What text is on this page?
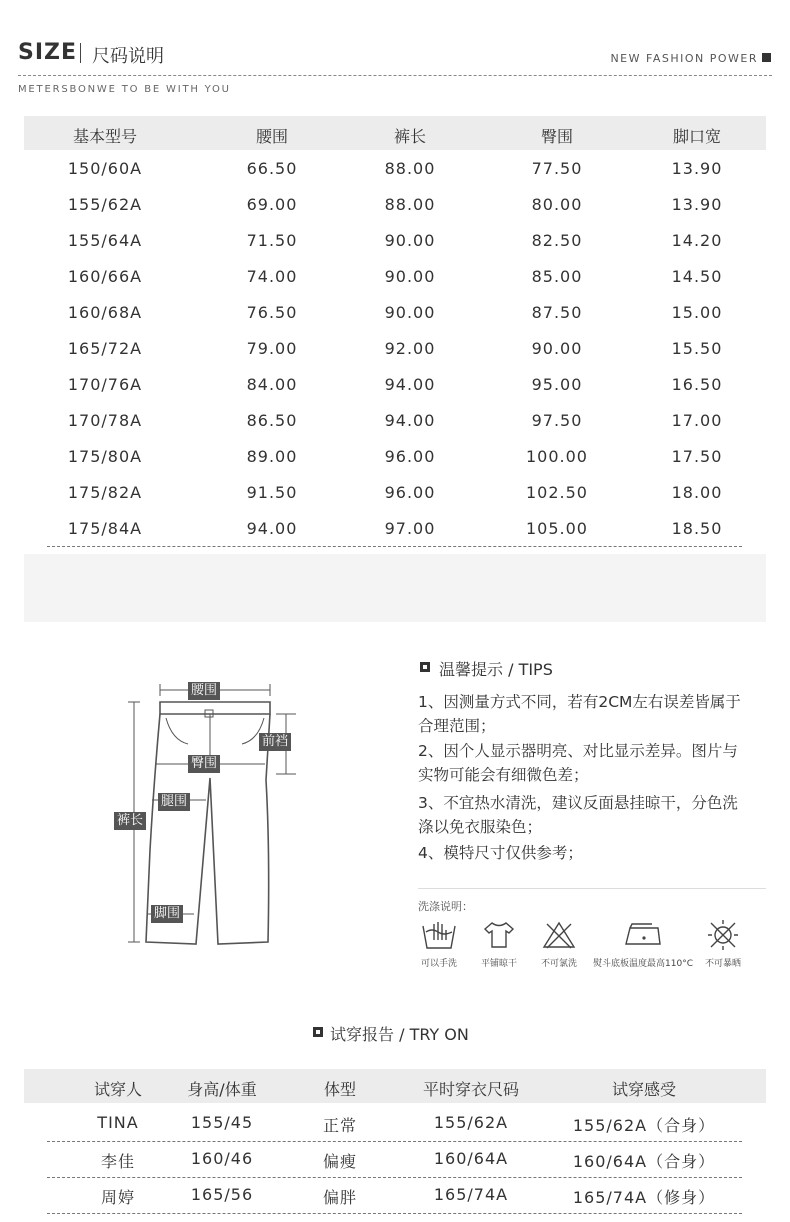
SIZE 尺码说明	NEW FASHION POWER
METERSBONWE TO BE WITH YOU
基本型号	腰围	裤长	臀围	脚口宽
150/60A	66.50	88.00	77.50	13.90
155/62A	69.00	88.00	80.00	13.90
155/64A	71.50	90.00	82.50	14.20
160/66A	74.00	90.00	85.00	14.50
160/68A	76.50	90.00	87.50	15.00
165/72A	79.00	92.00	90.00	15.50
170/76A	84.00	94.00	95.00	16.50
170/78A	86.50	94.00	97.50	17.00
175/80A	89.00	96.00	100.00	17.50
175/82A	91.50	96.00	102.50	18.00
175/84A	94.00	97.00	105.00	18.50
腰围
前裆
臀围
腿围
裤长
脚围
温馨提示 / TIPS
1、因测量方式不同，若有2CM左右误差皆属于合理范围；
2、因个人显示器明亮、对比显示差异。图片与实物可能会有细微色差；
3、不宜热水清洗，建议反面悬挂晾干，分色洗涤以免衣服染色；
4、模特尺寸仅供参考；
洗涤说明：
可以手洗	平铺晾干	不可氯洗	熨斗底板温度最高110°C	不可暴晒
试穿报告 / TRY ON
试穿人	身高/体重	体型	平时穿衣尺码	试穿感受
TINA	155/45	正常	155/62A	155/62A（合身）
李佳	160/46	偏瘦	160/64A	160/64A（合身）
周婷	165/56	偏胖	165/74A	165/74A（修身）
